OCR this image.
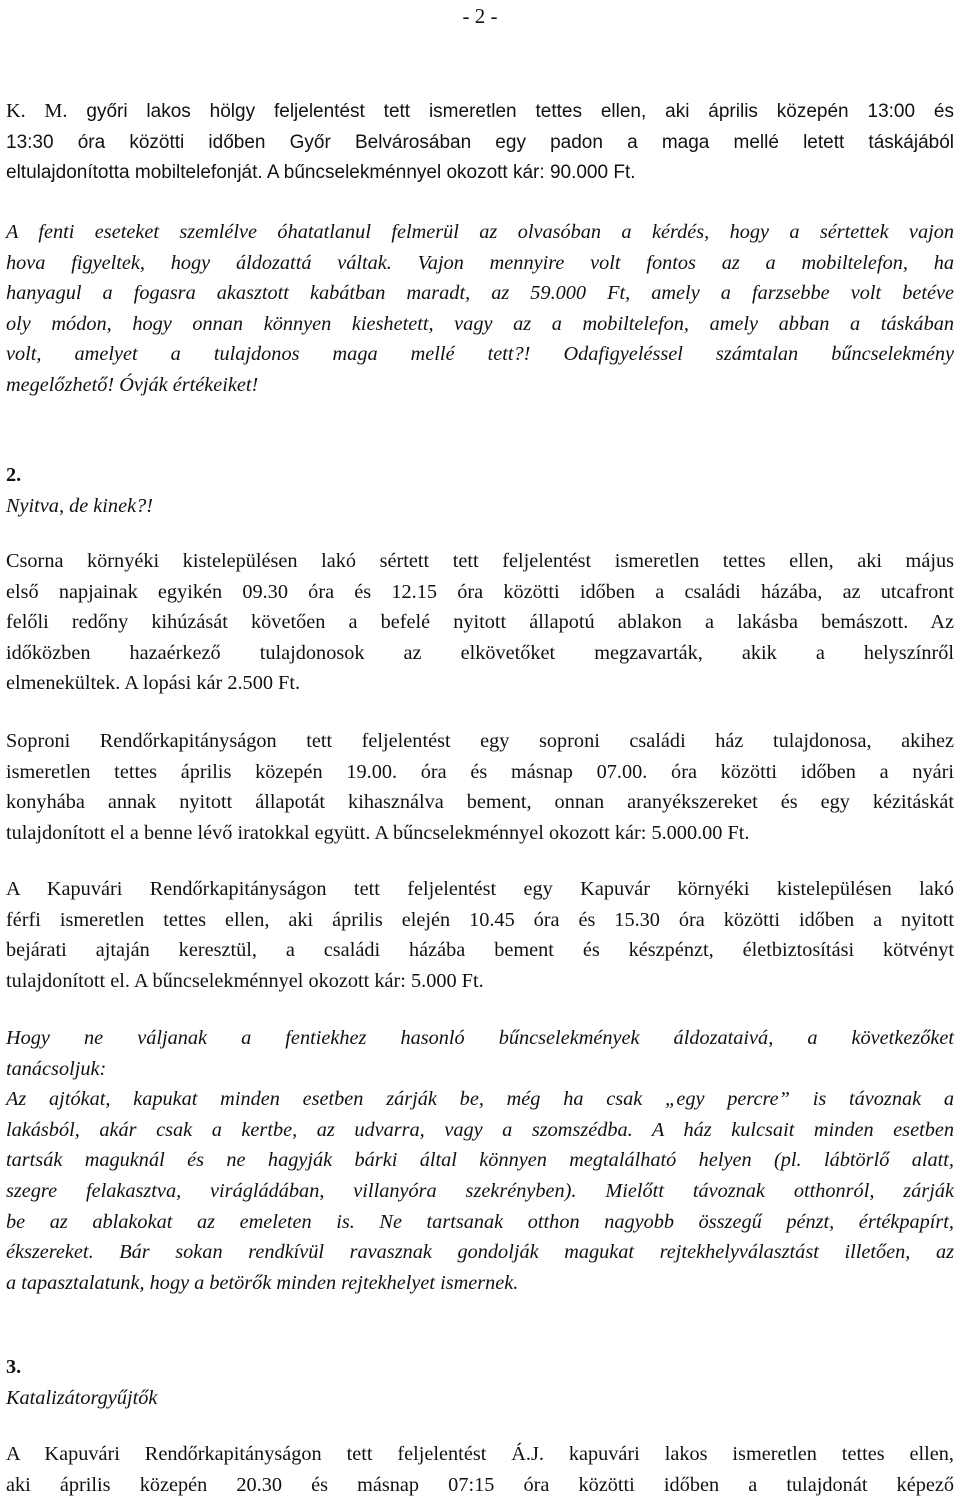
- 2 -

K. M. győri lakos hölgy feljelentést tett ismeretlen tettes ellen, aki április közepén 13:00 és
13:30 óra közötti időben Győr Belvárosában egy padon a maga mellé letett táskájából
eltulajdonította mobiltelefonját. A bűncselekménnyel okozott kár: 90.000 Ft.

A fenti eseteket szemlélve óhatatlanul felmerül az olvasóban a kérdés, hogy a sértettek vajon
hova figyeltek, hogy áldozattá váltak. Vajon mennyire volt fontos az a mobiltelefon, ha
hanyagul a fogasra akasztott kabátban maradt, az 59.000 Ft, amely a farzsebbe volt betéve
oly módon, hogy onnan könnyen kieshetett, vagy az a mobiltelefon, amely abban a táskában
volt, amelyet a tulajdonos maga mellé tett?! Odafigyeléssel számtalan bűncselekmény
megelőzhető! Óvják értékeiket!

2.
Nyitva, de kinek?!

Csorna környéki kistelepülésen lakó sértett tett feljelentést ismeretlen tettes ellen, aki május
első napjainak egyikén 09.30 óra és 12.15 óra közötti időben a családi házába, az utcafront
felőli redőny kihúzását követően a befelé nyitott állapotú ablakon a lakásba bemászott. Az
időközben hazaérkező tulajdonosok az elkövetőket megzavarták, akik a helyszínről
elmenekültek. A lopási kár 2.500 Ft.

Soproni Rendőrkapitányságon tett feljelentést egy soproni családi ház tulajdonosa, akihez
ismeretlen tettes április közepén 19.00. óra és másnap 07.00. óra közötti időben a nyári
konyhába annak nyitott állapotát kihasználva bement, onnan aranyékszereket és egy kézitáskát
tulajdonított el a benne lévő iratokkal együtt. A bűncselekménnyel okozott kár: 5.000.00 Ft.

A Kapuvári Rendőrkapitányságon tett feljelentést egy Kapuvár környéki kistelepülésen lakó
férfi ismeretlen tettes ellen, aki április elején 10.45 óra és 15.30 óra közötti időben a nyitott
bejárati ajtaján keresztül, a családi házába bement és készpénzt, életbiztosítási kötvényt
tulajdonított el. A bűncselekménnyel okozott kár: 5.000 Ft.

Hogy ne váljanak a fentiekhez hasonló bűncselekmények áldozataivá, a következőket
tanácsoljuk:
Az ajtókat, kapukat minden esetben zárják be, még ha csak „egy percre” is távoznak a
lakásból, akár csak a kertbe, az udvarra, vagy a szomszédba. A ház kulcsait minden esetben
tartsák maguknál és ne hagyják bárki által könnyen megtalálható helyen (pl. lábtörlő alatt,
szegre felakasztva, virágládában, villanyóra szekrényben). Mielőtt távoznak otthonról, zárják
be az ablakokat az emeleten is. Ne tartsanak otthon nagyobb összegű pénzt, értékpapírt,
ékszereket. Bár sokan rendkívül ravasznak gondolják magukat rejtekhelyválasztást illetően, az
a tapasztalatunk, hogy a betörők minden rejtekhelyet ismernek.

3.
Katalizátorgyűjtők

A Kapuvári Rendőrkapitányságon tett feljelentést Á.J. kapuvári lakos ismeretlen tettes ellen,
aki április közepén 20.30 és másnap 07:15 óra közötti időben a tulajdonát képező
